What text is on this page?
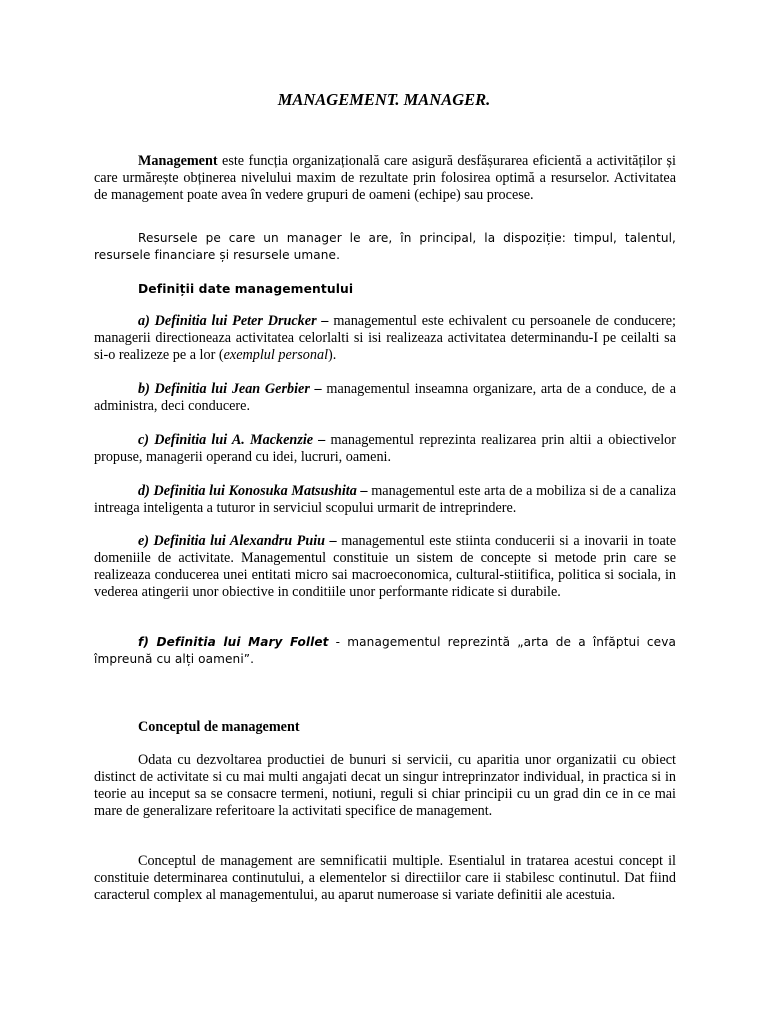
MANAGEMENT. MANAGER.

Management este funcția organizațională care asigură desfășurarea eficientă a activităților și care urmărește obținerea nivelului maxim de rezultate prin folosirea optimă a resurselor. Activitatea de management poate avea în vedere grupuri de oameni (echipe) sau procese.

Resursele pe care un manager le are, în principal, la dispoziție: timpul, talentul, resursele financiare și resursele umane.

Definiții date managementului

a) Definitia lui Peter Drucker – managementul este echivalent cu persoanele de conducere; managerii directioneaza activitatea celorlalti si isi realizeaza activitatea determinandu-I pe ceilalti sa si-o realizeze pe a lor (exemplul personal).

b) Definitia lui Jean Gerbier – managementul inseamna organizare, arta de a conduce, de a administra, deci conducere.

c) Definitia lui A. Mackenzie – managementul reprezinta realizarea prin altii a obiectivelor propuse, managerii operand cu idei, lucruri, oameni.

d) Definitia lui Konosuka Matsushita – managementul este arta de a mobiliza si de a canaliza intreaga inteligenta a tuturor in serviciul scopului urmarit de intreprindere.

e) Definitia lui Alexandru Puiu – managementul este stiinta conducerii si a inovarii in toate domeniile de activitate. Managementul constituie un sistem de concepte si metode prin care se realizeaza conducerea unei entitati micro sai macroeconomica, cultural-stiitifica, politica si sociala, in vederea atingerii unor obiective in conditiile unor performante ridicate si durabile.

f) Definitia lui Mary Follet - managementul reprezintă „arta de a înfăptui ceva împreună cu alți oameni”.

Conceptul de management

Odata cu dezvoltarea productiei de bunuri si servicii, cu aparitia unor organizatii cu obiect distinct de activitate si cu mai multi angajati decat un singur intreprinzator individual, in practica si in teorie au inceput sa se consacre termeni, notiuni, reguli si chiar principii cu un grad din ce in ce mai mare de generalizare referitoare la activitati specifice de management.

Conceptul de management are semnificatii multiple. Esentialul in tratarea acestui concept il constituie determinarea continutului, a elementelor si directiilor care ii stabilesc continutul. Dat fiind caracterul complex al managementului, au aparut numeroase si variate definitii ale acestuia.
